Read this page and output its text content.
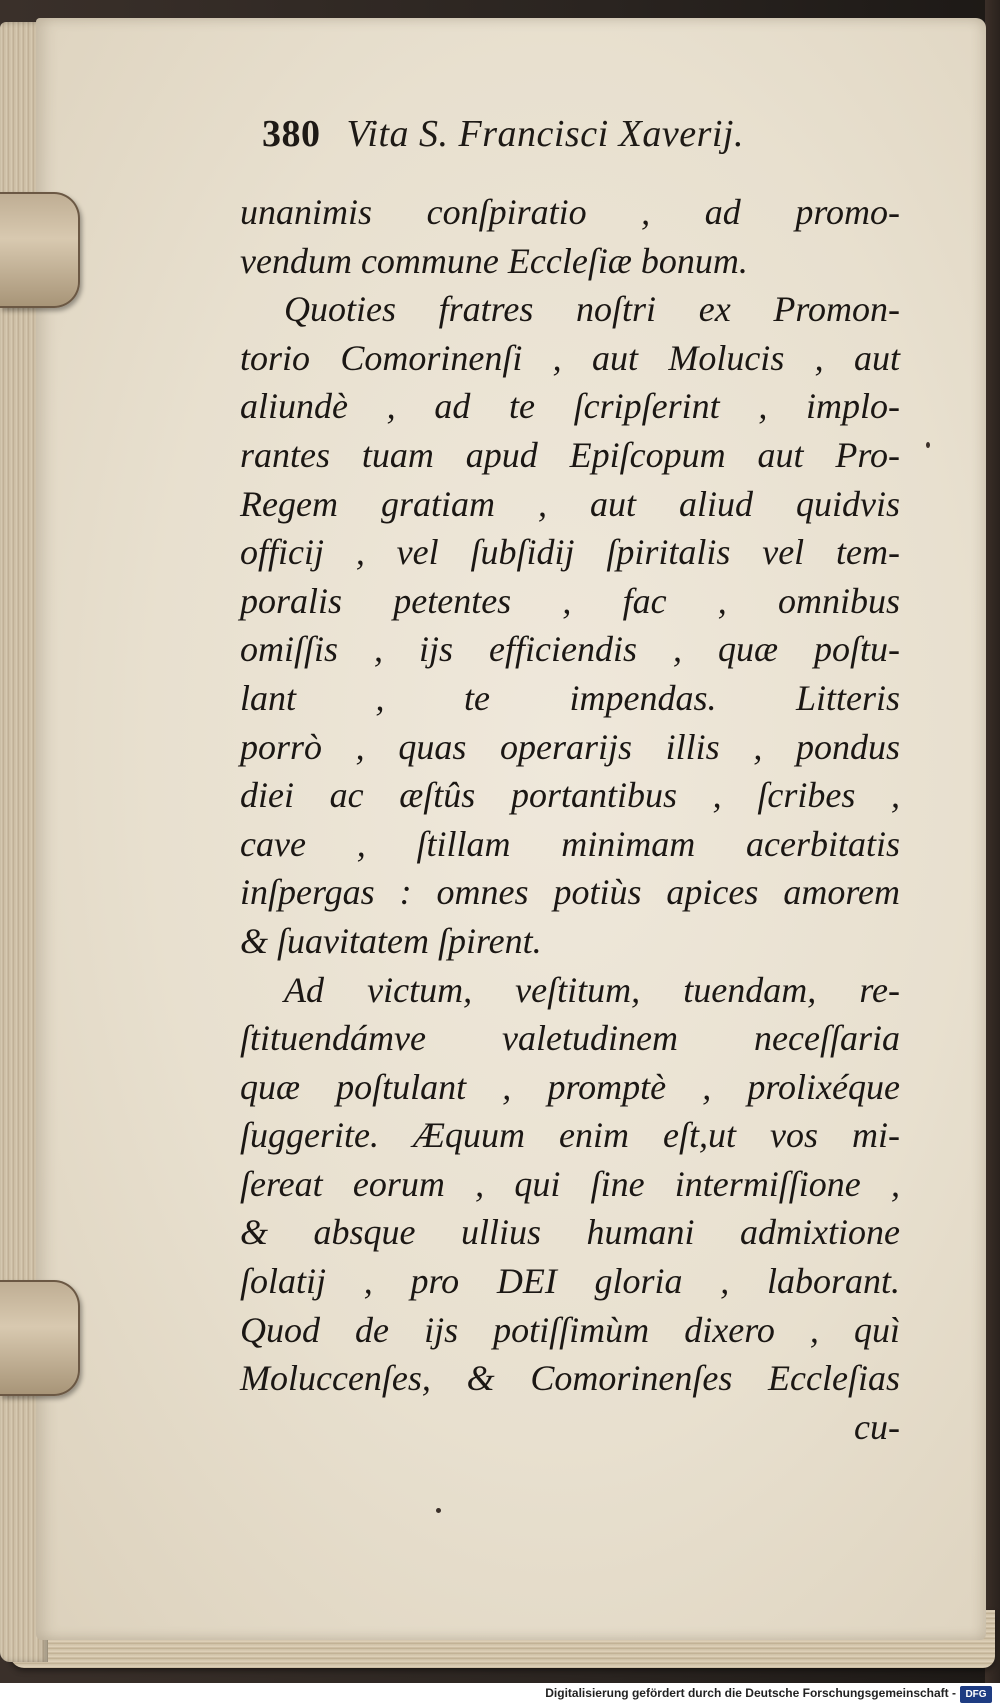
380 Vita S. Francisci Xaverij.
unanimis conſpiratio , ad promo-
vendum commune Eccleſiæ bonum.
Quoties fratres noſtri ex Promon-
torio Comorinenſi , aut Molucis , aut
aliundè , ad te ſcripſerint , implo-
rantes tuam apud Epiſcopum aut Pro-
Regem gratiam , aut aliud quidvis
officij , vel ſubſidij ſpiritalis vel tem-
poralis petentes , fac , omnibus
omiſſis , ijs efficiendis , quæ poſtu-
lant , te impendas. Litteris
porrò , quas operarijs illis , pondus
diei ac æſtûs portantibus , ſcribes ,
cave , ſtillam minimam acerbitatis
inſpergas : omnes potiùs apices amorem
& ſuavitatem ſpirent.
Ad victum, veſtitum, tuendam, re-
ſtituendámve valetudinem neceſſaria
quæ poſtulant , promptè , prolixéque
ſuggerite. Æquum enim eſt,ut vos mi-
ſereat eorum , qui ſine intermiſſione ,
& absque ullius humani admixtione
ſolatij , pro DEI gloria , laborant.
Quod de ijs potiſſimùm dixero , quì
Moluccenſes, & Comorinenſes Eccleſias
cu-
Digitalisierung gefördert durch die Deutsche Forschungsgemeinschaft - DFG
